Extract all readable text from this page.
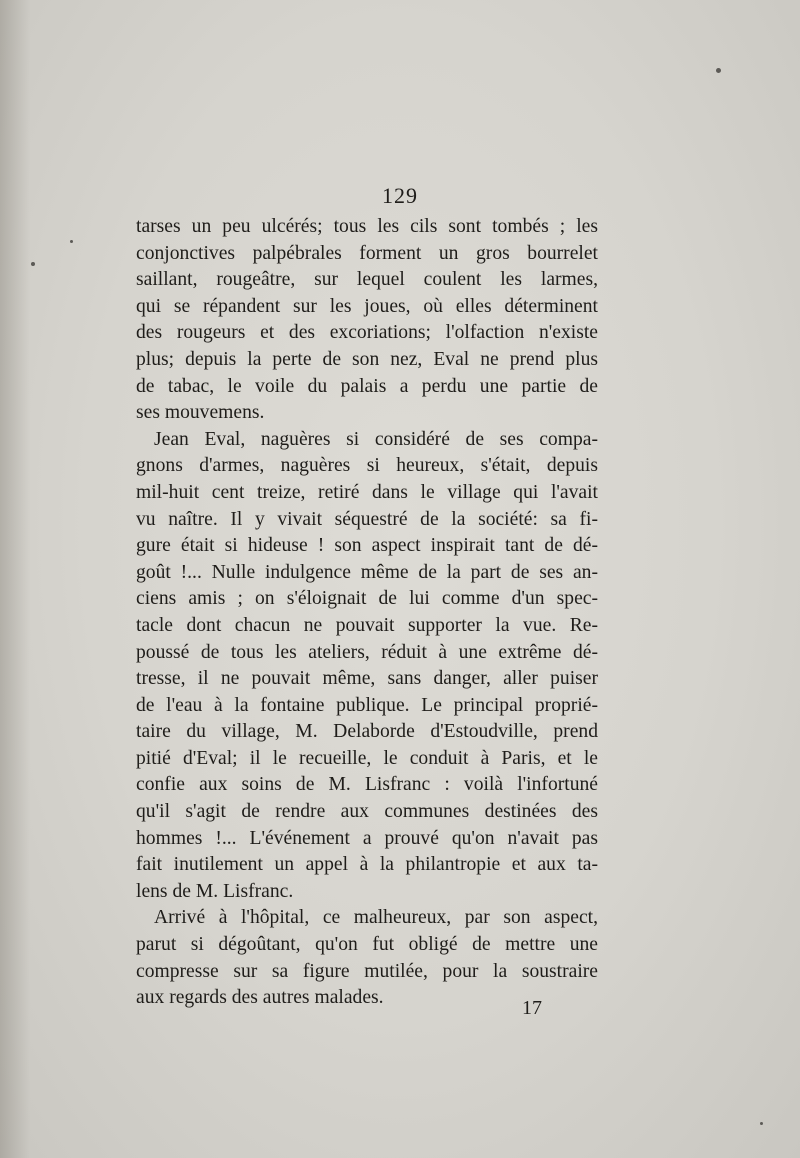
129
tarses un peu ulcérés; tous les cils sont tombés ; les
conjonctives palpébrales forment un gros bourrelet
saillant, rougeâtre, sur lequel coulent les larmes,
qui se répandent sur les joues, où elles déterminent
des rougeurs et des excoriations; l'olfaction n'existe
plus; depuis la perte de son nez, Eval ne prend plus
de tabac, le voile du palais a perdu une partie de
ses mouvemens.
Jean Eval, naguères si considéré de ses compa-
gnons d'armes, naguères si heureux, s'était, depuis
mil-huit cent treize, retiré dans le village qui l'avait
vu naître. Il y vivait séquestré de la société: sa fi-
gure était si hideuse ! son aspect inspirait tant de dé-
goût !... Nulle indulgence même de la part de ses an-
ciens amis ; on s'éloignait de lui comme d'un spec-
tacle dont chacun ne pouvait supporter la vue. Re-
poussé de tous les ateliers, réduit à une extrême dé-
tresse, il ne pouvait même, sans danger, aller puiser
de l'eau à la fontaine publique. Le principal proprié-
taire du village, M. Delaborde d'Estoudville, prend
pitié d'Eval; il le recueille, le conduit à Paris, et le
confie aux soins de M. Lisfranc : voilà l'infortuné
qu'il s'agit de rendre aux communes destinées des
hommes !... L'événement a prouvé qu'on n'avait pas
fait inutilement un appel à la philantropie et aux ta-
lens de M. Lisfranc.
Arrivé à l'hôpital, ce malheureux, par son aspect,
parut si dégoûtant, qu'on fut obligé de mettre une
compresse sur sa figure mutilée, pour la soustraire
aux regards des autres malades.	17
